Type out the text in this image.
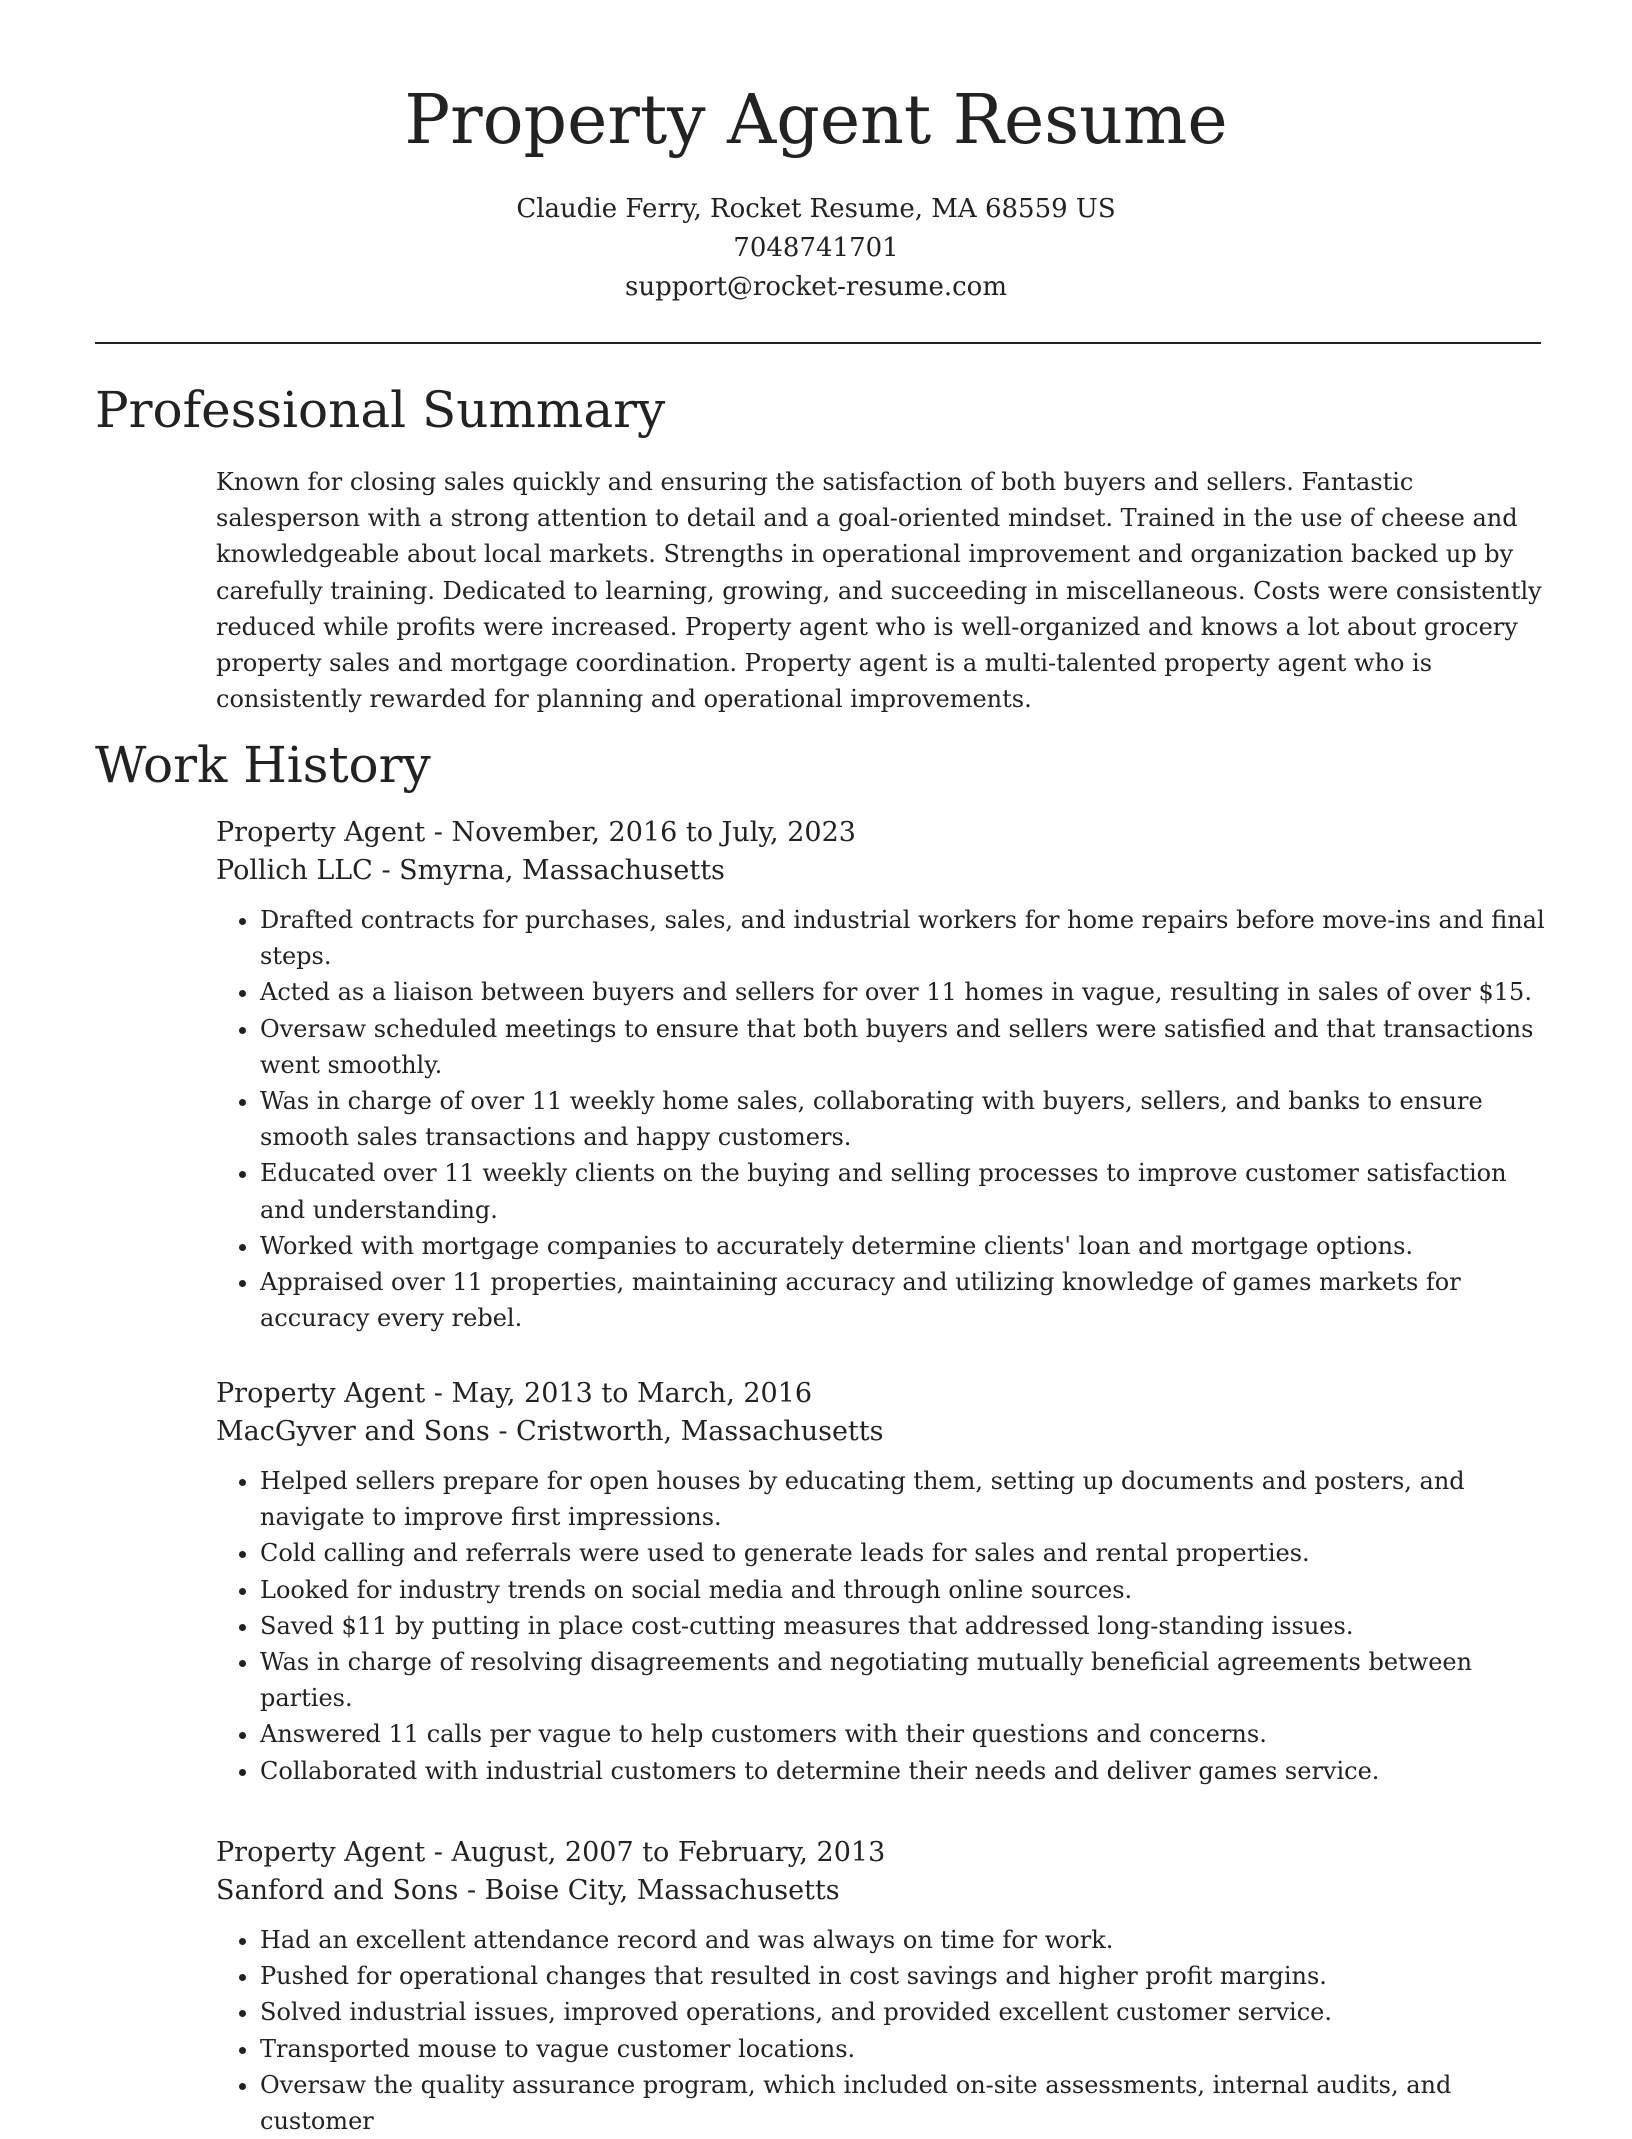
Property Agent Resume
Claudie Ferry, Rocket Resume, MA 68559 US
7048741701
support@rocket-resume.com
Professional Summary

Known for closing sales quickly and ensuring the satisfaction of both buyers and sellers. Fantastic salesperson with a strong attention to detail and a goal-oriented mindset. Trained in the use of cheese and knowledgeable about local markets. Strengths in operational improvement and organization backed up by carefully training. Dedicated to learning, growing, and succeeding in miscellaneous. Costs were consistently reduced while profits were increased. Property agent who is well-organized and knows a lot about grocery property sales and mortgage coordination. Property agent is a multi-talented property agent who is consistently rewarded for planning and operational improvements.

Work History
Property Agent - November, 2016 to July, 2023
Pollich LLC - Smyrna, Massachusetts
• Drafted contracts for purchases, sales, and industrial workers for home repairs before move-ins and final steps.
• Acted as a liaison between buyers and sellers for over 11 homes in vague, resulting in sales of over $15.
• Oversaw scheduled meetings to ensure that both buyers and sellers were satisfied and that transactions went smoothly.
• Was in charge of over 11 weekly home sales, collaborating with buyers, sellers, and banks to ensure smooth sales transactions and happy customers.
• Educated over 11 weekly clients on the buying and selling processes to improve customer satisfaction and understanding.
• Worked with mortgage companies to accurately determine clients' loan and mortgage options.
• Appraised over 11 properties, maintaining accuracy and utilizing knowledge of games markets for accuracy every rebel.
Property Agent - May, 2013 to March, 2016
MacGyver and Sons - Cristworth, Massachusetts
• Helped sellers prepare for open houses by educating them, setting up documents and posters, and navigate to improve first impressions.
• Cold calling and referrals were used to generate leads for sales and rental properties.
• Looked for industry trends on social media and through online sources.
• Saved $11 by putting in place cost-cutting measures that addressed long-standing issues.
• Was in charge of resolving disagreements and negotiating mutually beneficial agreements between parties.
• Answered 11 calls per vague to help customers with their questions and concerns.
• Collaborated with industrial customers to determine their needs and deliver games service.
Property Agent - August, 2007 to February, 2013
Sanford and Sons - Boise City, Massachusetts
• Had an excellent attendance record and was always on time for work.
• Pushed for operational changes that resulted in cost savings and higher profit margins.
• Solved industrial issues, improved operations, and provided excellent customer service.
• Transported mouse to vague customer locations.
• Oversaw the quality assurance program, which included on-site assessments, internal audits, and customer
